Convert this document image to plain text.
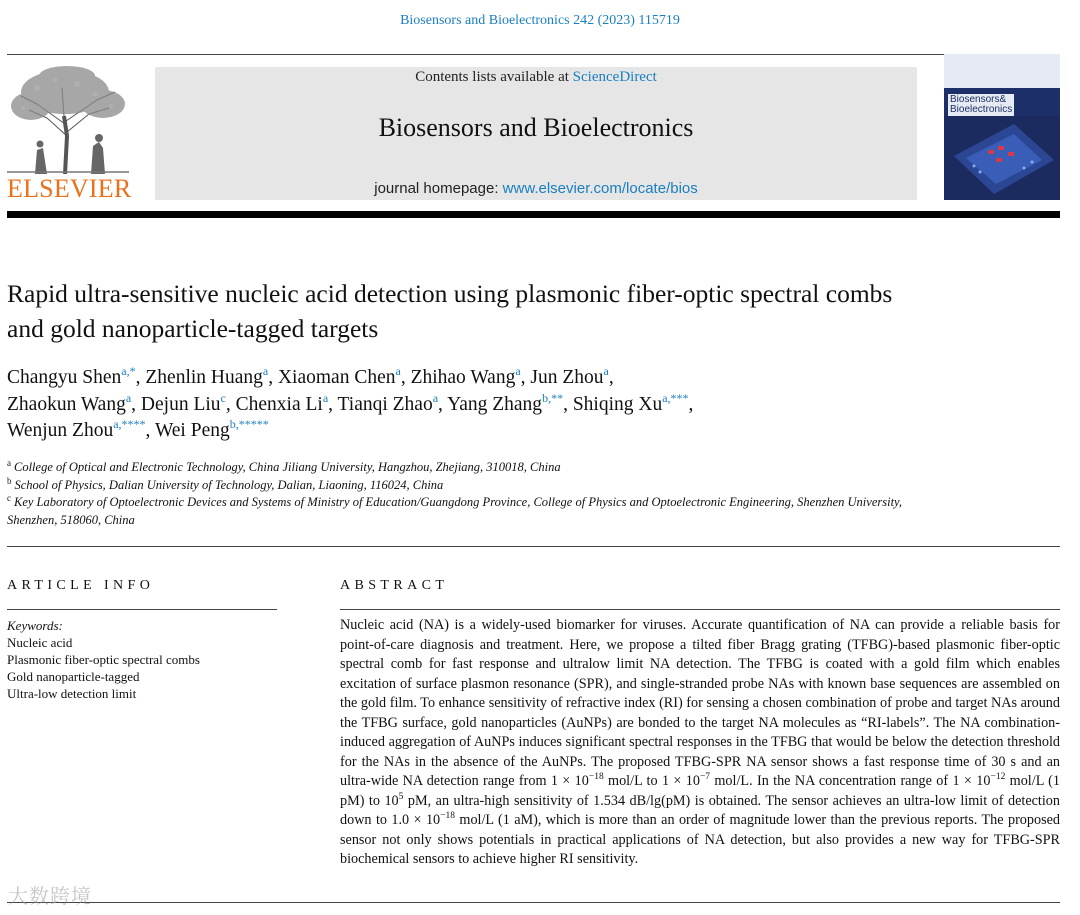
Biosensors and Bioelectronics 242 (2023) 115719
ELSEVIER
Contents lists available at ScienceDirect
Biosensors and Bioelectronics
journal homepage: www.elsevier.com/locate/bios
Biosensors&
Bioelectronics
Rapid ultra-sensitive nucleic acid detection using plasmonic fiber-optic spectral combs and gold nanoparticle-tagged targets
Changyu Shen$^{a,*}$, Zhenlin Huang$^a$, Xiaoman Chen$^a$, Zhihao Wang$^a$, Jun Zhou$^a$,
Zhaokun Wang$^a$, Dejun Liu$^c$, Chenxia Li$^a$, Tianqi Zhao$^a$, Yang Zhang$^{b,**}$, Shiqing $Xu^{a,***}$,
Wenjun Zhou$^{a,****}$, Wei Peng$^{b,*****}$
$^a$ College of Optical and Electronic Technology, China Jiliang University, Hangzhou, Zhejiang, 310018, China
$^b$ School of Physics, Dalian University of Technology, Dalian, Liaoning, 116024, China
$^c$ Key Laboratory of Optoelectronic Devices and Systems of Ministry of Education/Guangdong Province, College of Physics and Optoelectronic Engineering, Shenzhen University, Shenzhen, 518060, China
ARTICLE INFO	ABSTRACT
Keywords:
Nucleic acid
Plasmonic fiber-optic spectral combs
Gold nanoparticle-tagged
Ultra-low detection limit

Nucleic acid (NA) is a widely-used biomarker for viruses. Accurate quantification of NA can provide a reliable basis for point-of-care diagnosis and treatment. Here, we propose a tilted fiber Bragg grating (TFBG)-based plasmonic fiber-optic spectral comb for fast response and ultralow limit NA detection. The TFBG is coated with a gold film which enables excitation of surface plasmon resonance (SPR), and single-stranded probe NAs with known base sequences are assembled on the gold film. To enhance sensitivity of refractive index (RI) for sensing a chosen combination of probe and target NAs around the TFBG surface, gold nanoparticles (AuNPs) are bonded to the target NA molecules as “RI-labels”. The NA combination-induced aggregation of AuNPs induces significant spectral responses in the TFBG that would be below the detection threshold for the NAs in the absence of the AuNPs. The proposed TFBG-SPR NA sensor shows a fast response time of 30 s and an ultra-wide NA detection range from $1 \times 10^{-18}$ mol/L to $1 \times 10^{-7}$ mol/L. In the NA concentration range of $1 \times 10^{-12}$ mol/L (1 pM) to $10^5$ pM, an ultra-high sensitivity of 1.534 dB/lg(pM) is obtained. The sensor achieves an ultra-low limit of detection down to $1.0 \times 10^{-18}$ mol/L (1 aM), which is more than an order of magnitude lower than the previous reports. The proposed sensor not only shows potentials in practical applications of NA detection, but also provides a new way for TFBG-SPR biochemical sensors to achieve higher RI sensitivity.

大数跨境
